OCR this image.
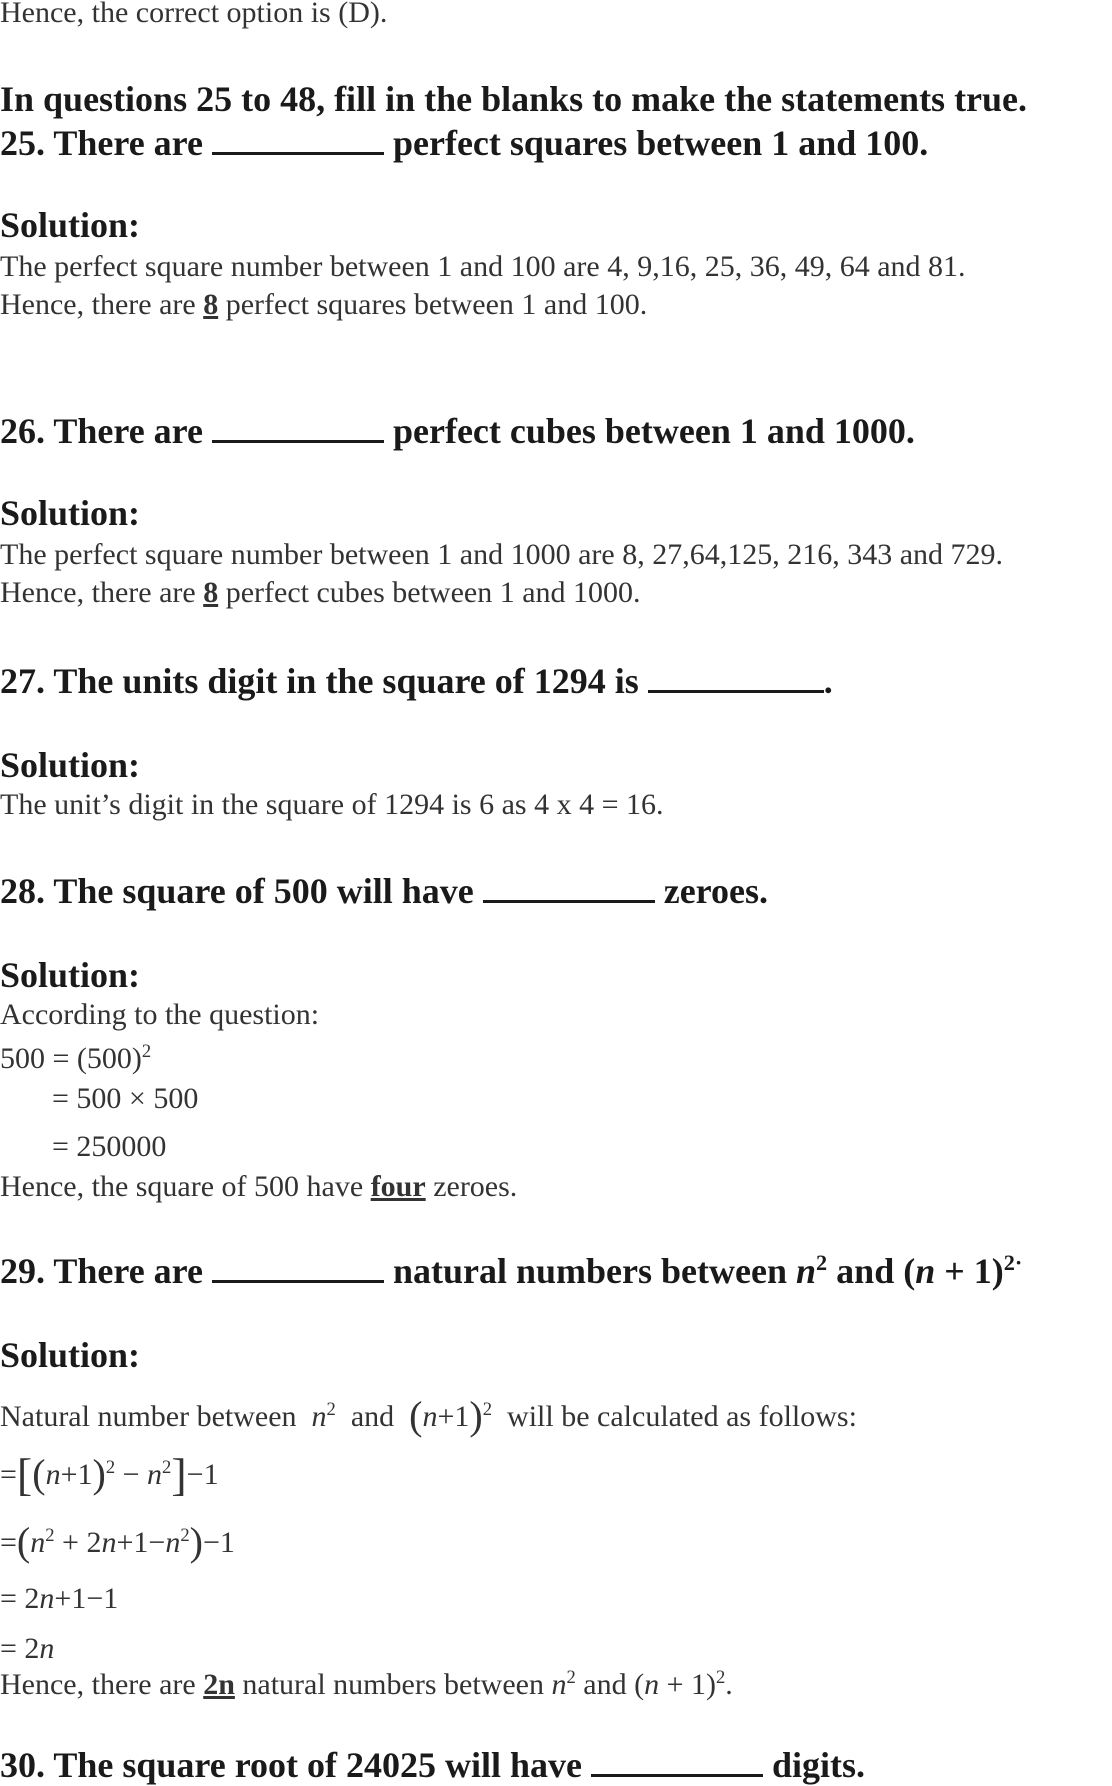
Hence, the correct option is (D).
In questions 25 to 48, fill in the blanks to make the statements true.
25. There are	perfect squares between 1 and 100.
Solution:
The perfect square number between 1 and 100 are 4, 9,16, 25, 36, 49, 64 and 81.
Hence, there are 8 perfect squares between 1 and 100.
26. There are	perfect cubes between 1 and 1000.
Solution:
The perfect square number between 1 and 1000 are 8, 27,64,125, 216, 343 and 729.
Hence, there are 8 perfect cubes between 1 and 1000.
27. The units digit in the square of 1294 is	.
Solution:
The unit’s digit in the square of 1294 is 6 as 4 x 4 = 16.
28. The square of 500 will have	zeroes.
Solution:
According to the question:
$500 = (500)^2$
= 500 × 500
= 250000
Hence, the square of 500 have four zeroes.
29. There are	natural numbers between $n^2$ and $(n + 1)^{2\cdot}$
Solution:
Natural number between $n^2$ and $(n+1)^2$ will be calculated as follows:
$=[(n+1)^2 - n^2]-1$
$=(n^2 + 2n+1-n^2)-1$
= 2n+1−1
= 2n
Hence, there are 2n natural numbers between $n^2$ and $(n + 1)^2$.
30. The square root of 24025 will have	digits.
